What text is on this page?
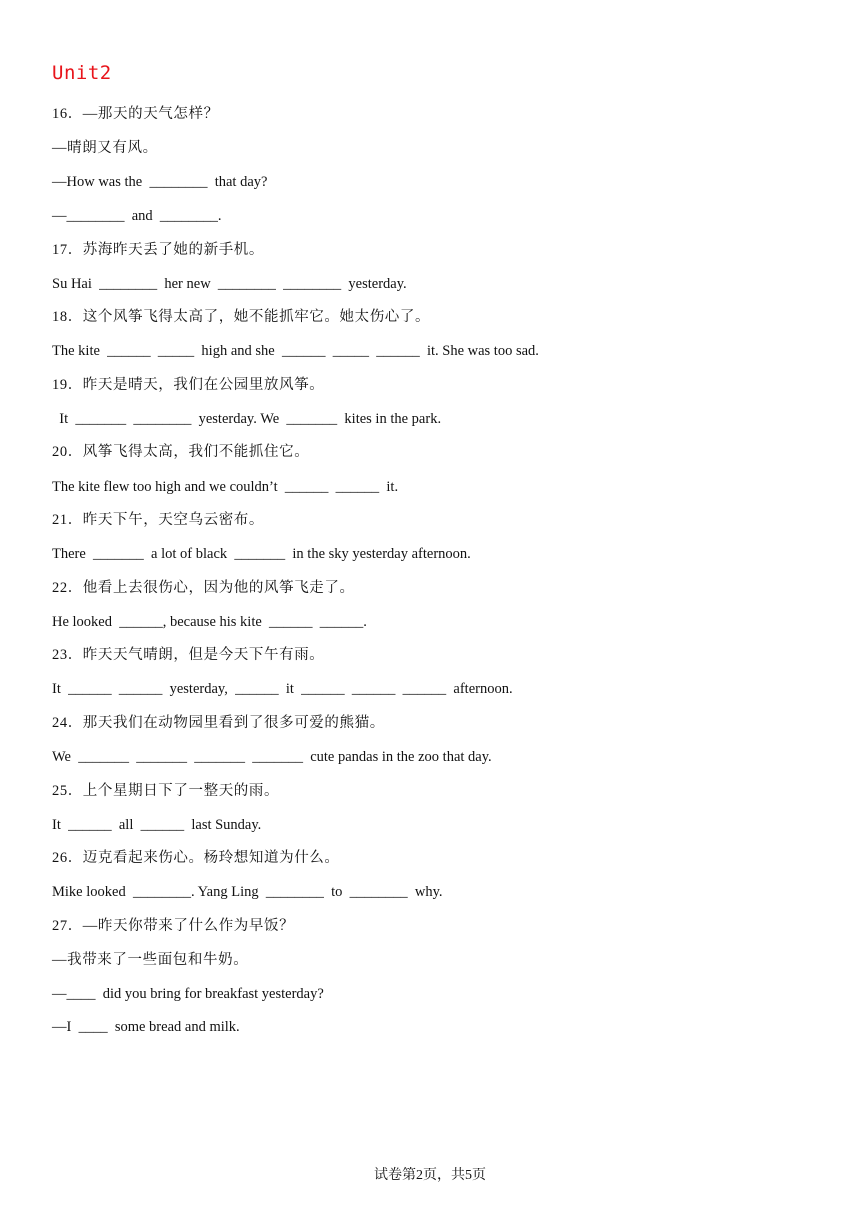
Unit2
16．—那天的天气怎样？
—晴朗又有风。
—How was the  ________  that day?
—________  and  ________.
17．苏海昨天丢了她的新手机。
Su Hai  ________  her new  ________  ________  yesterday.
18．这个风筝飞得太高了，她不能抓牢它。她太伤心了。
The kite  ______  _____  high and she  ______  _____  ______  it. She was too sad.
19．昨天是晴天，我们在公园里放风筝。
It  _______  ________  yesterday. We  _______  kites in the park.
20．风筝飞得太高，我们不能抓住它。
The kite flew too high and we couldn’t  ______  ______  it.
21．昨天下午，天空乌云密布。
There  _______  a lot of black  _______  in the sky yesterday afternoon.
22．他看上去很伤心，因为他的风筝飞走了。
He looked  ______, because his kite  ______  ______.
23．昨天天气晴朗，但是今天下午有雨。
It  ______  ______  yesterday,  ______  it  ______  ______  ______  afternoon.
24．那天我们在动物园里看到了很多可爱的熊猫。
We  _______  _______  _______  _______  cute pandas in the zoo that day.
25．上个星期日下了一整天的雨。
It  ______  all  ______  last Sunday.
26．迈克看起来伤心。杨玲想知道为什么。
Mike looked  ________. Yang Ling  ________  to  ________  why.
27．—昨天你带来了什么作为早饭？
—我带来了一些面包和牛奶。
—____  did you bring for breakfast yesterday?
—I  ____  some bread and milk.
试卷第2页，共5页
